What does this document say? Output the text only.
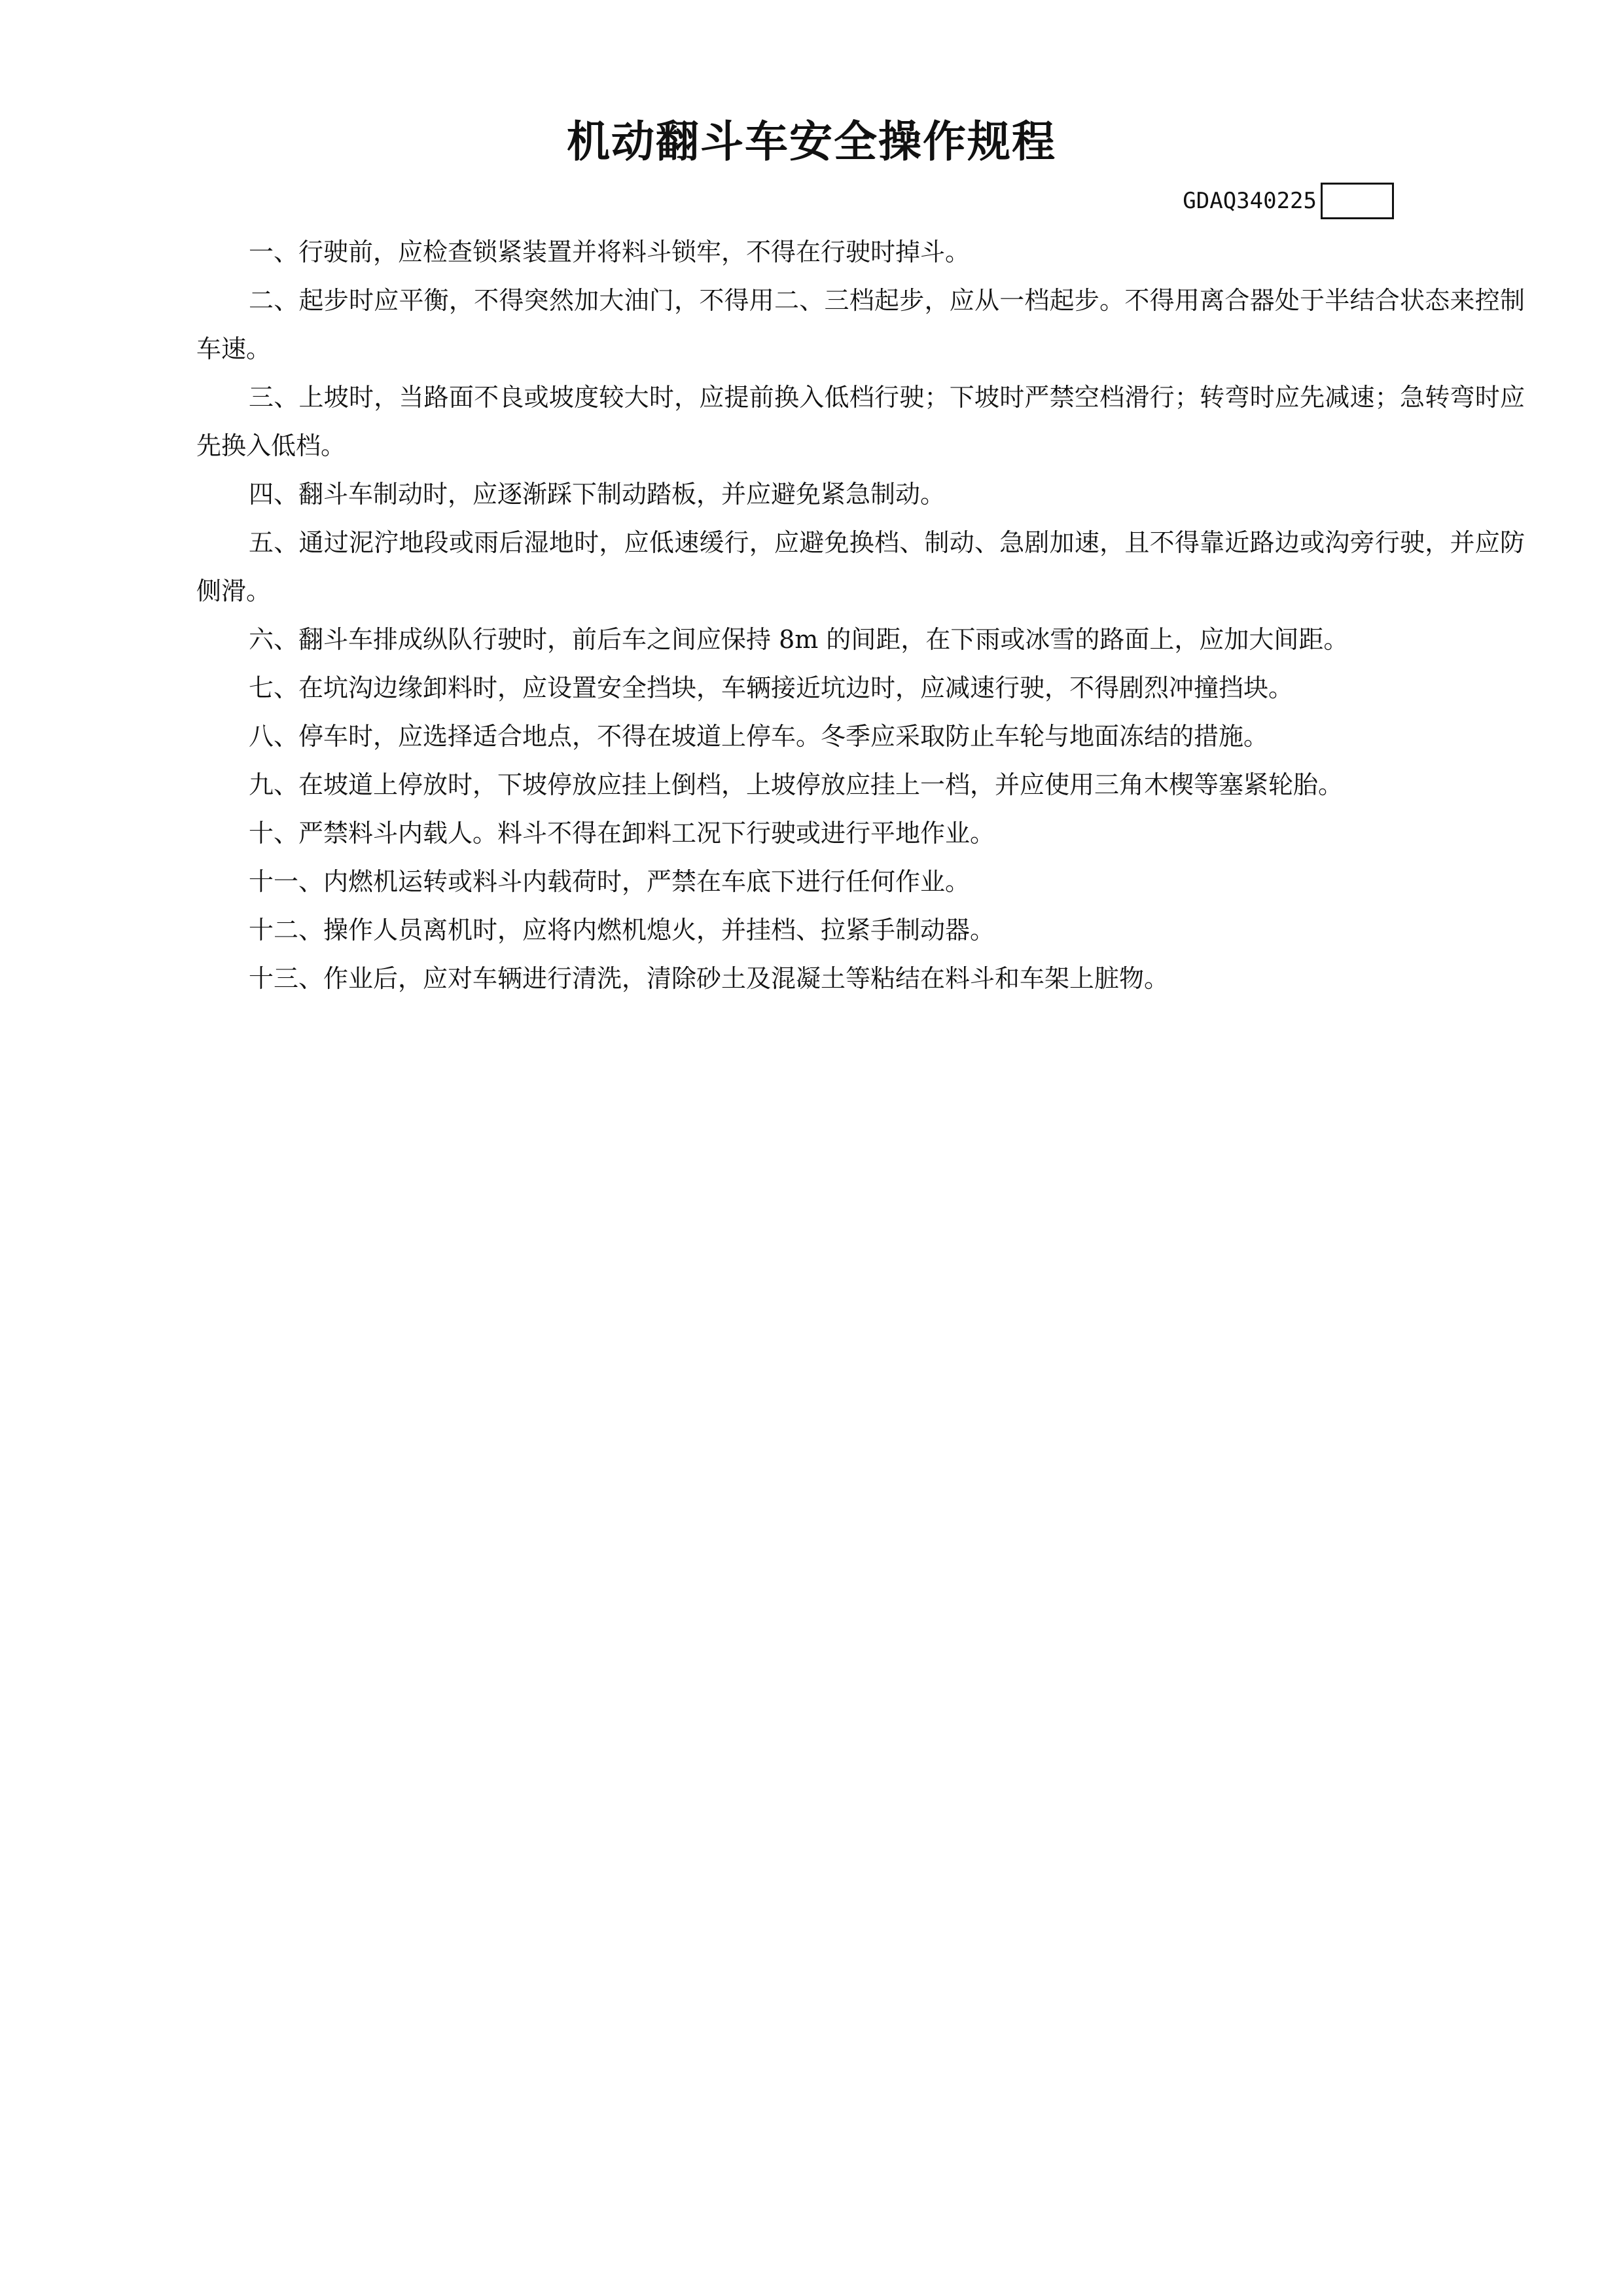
机动翻斗车安全操作规程
GDAQ340225
一、行驶前，应检查锁紧装置并将料斗锁牢，不得在行驶时掉斗。
二、起步时应平衡，不得突然加大油门，不得用二、三档起步，应从一档起步。不得用离合器处于半结合状态来控制车速。
三、上坡时，当路面不良或坡度较大时，应提前换入低档行驶；下坡时严禁空档滑行；转弯时应先减速；急转弯时应先换入低档。
四、翻斗车制动时，应逐渐踩下制动踏板，并应避免紧急制动。
五、通过泥泞地段或雨后湿地时，应低速缓行，应避免换档、制动、急剧加速，且不得靠近路边或沟旁行驶，并应防侧滑。
六、翻斗车排成纵队行驶时，前后车之间应保持 8m 的间距，在下雨或冰雪的路面上，应加大间距。
七、在坑沟边缘卸料时，应设置安全挡块，车辆接近坑边时，应减速行驶，不得剧烈冲撞挡块。
八、停车时，应选择适合地点，不得在坡道上停车。冬季应采取防止车轮与地面冻结的措施。
九、在坡道上停放时，下坡停放应挂上倒档，上坡停放应挂上一档，并应使用三角木楔等塞紧轮胎。
十、严禁料斗内载人。料斗不得在卸料工况下行驶或进行平地作业。
十一、内燃机运转或料斗内载荷时，严禁在车底下进行任何作业。
十二、操作人员离机时，应将内燃机熄火，并挂档、拉紧手制动器。
十三、作业后，应对车辆进行清洗，清除砂土及混凝土等粘结在料斗和车架上脏物。
